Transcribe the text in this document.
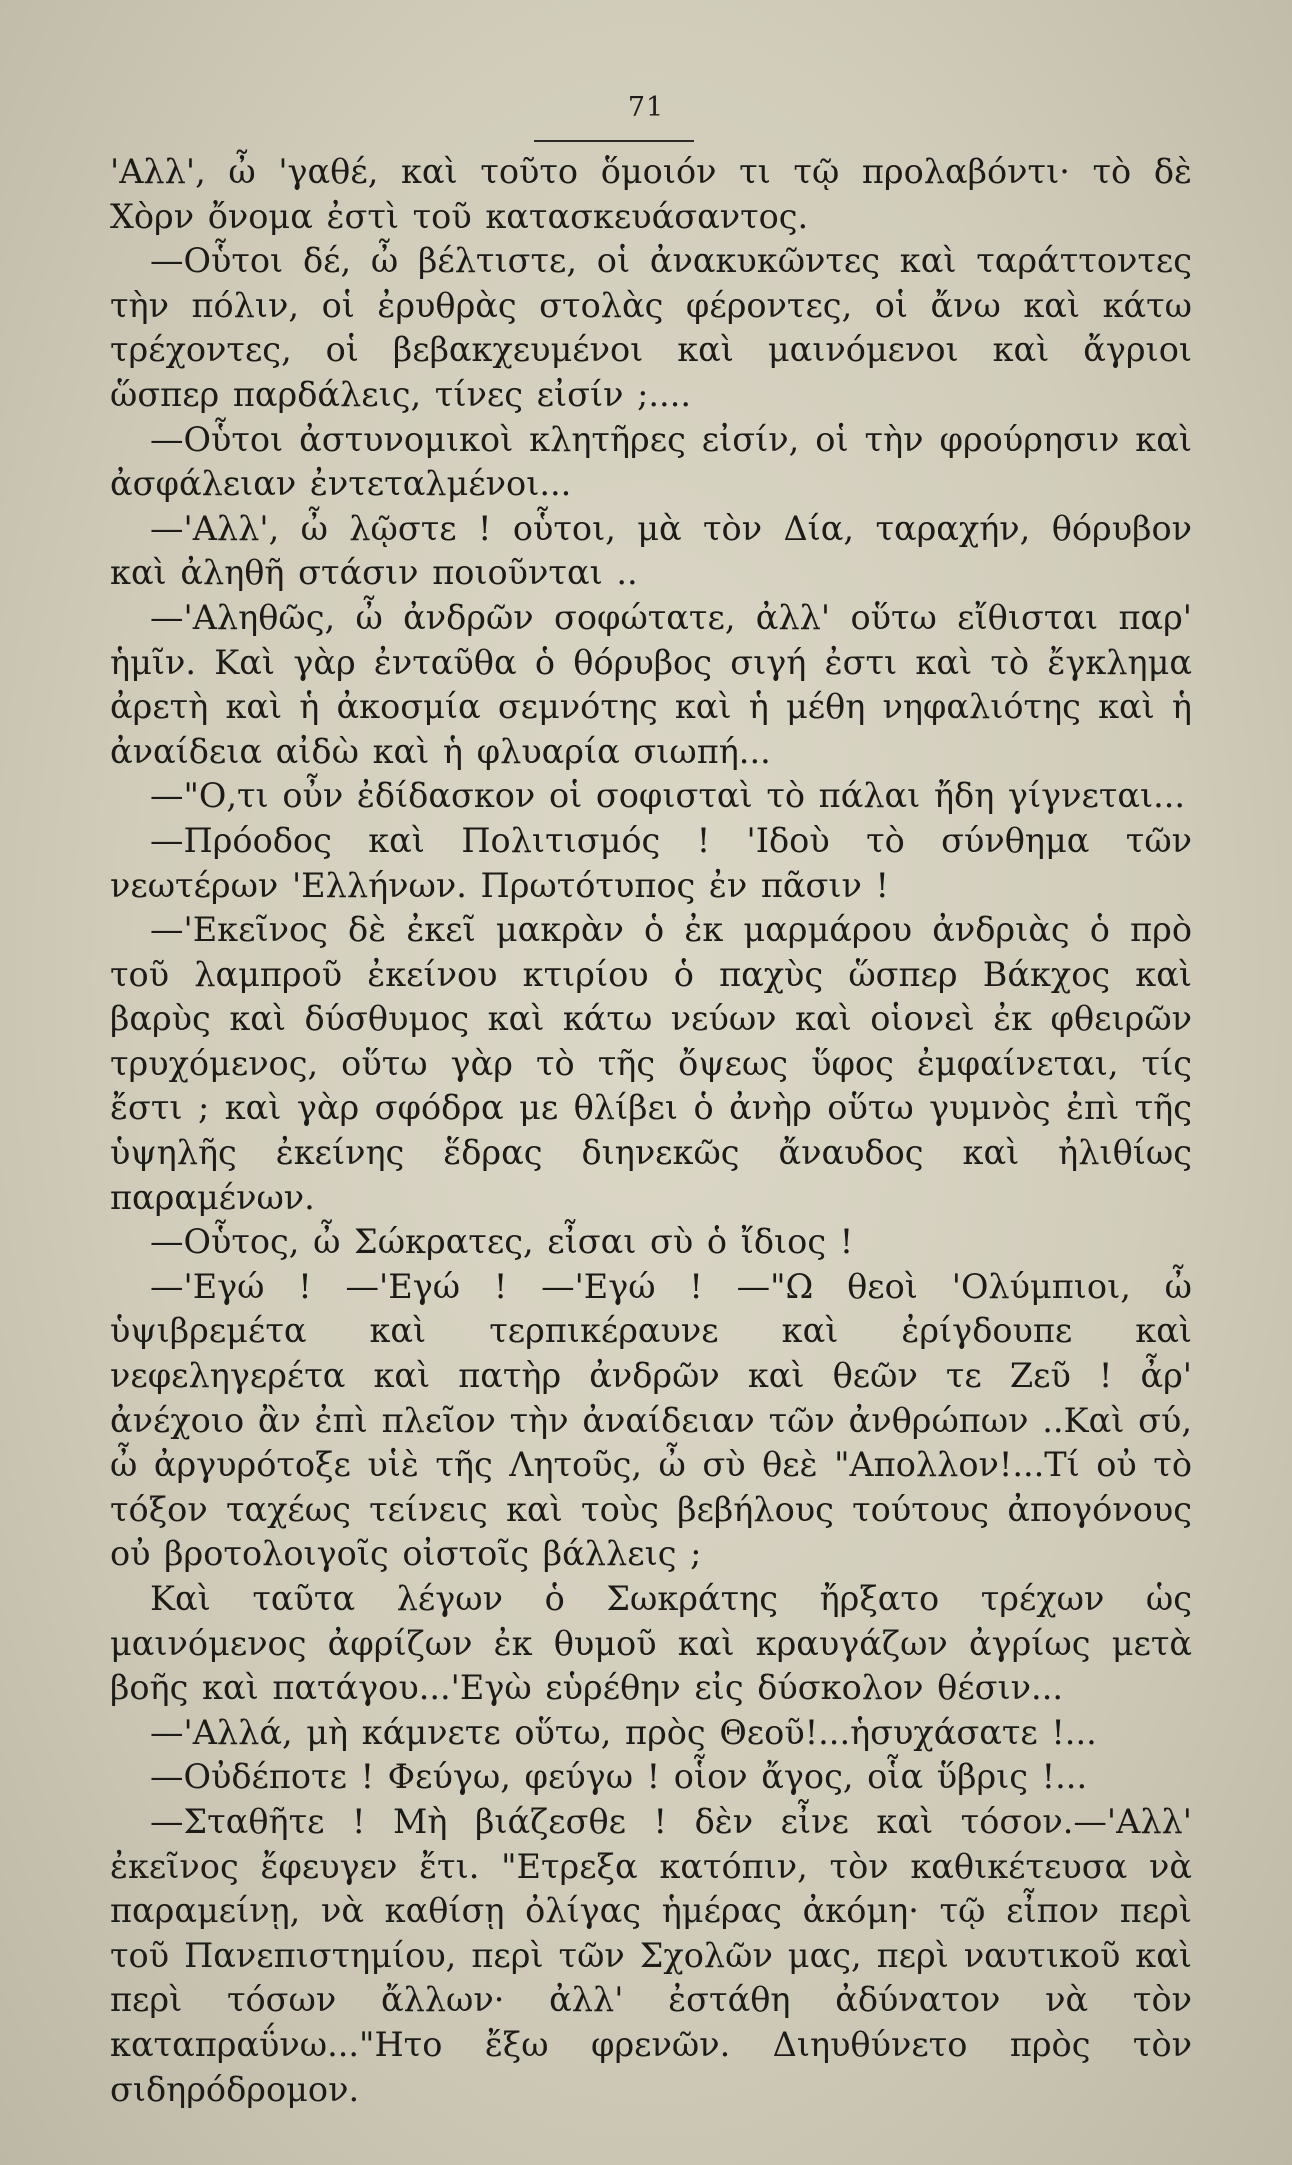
71

'Αλλ', ὦ 'γαθέ, καὶ τοῦτο ὅμοιόν τι τῷ προλαβόντι· τὸ δὲ Χὸρν ὄνομα ἐστὶ τοῦ κατασκευάσαντος.

—Οὗτοι δέ, ὦ βέλτιστε, οἱ ἀνακυκῶντες καὶ ταράττοντες τὴν πόλιν, οἱ ἐρυθρὰς στολὰς φέροντες, οἱ ἄνω καὶ κάτω τρέχοντες, οἱ βεβακχευμένοι καὶ μαινόμενοι καὶ ἄγριοι ὥσπερ παρδάλεις, τίνες εἰσίν ;....

—Οὗτοι ἀστυνομικοὶ κλητῆρες εἰσίν, οἱ τὴν φρούρησιν καὶ ἀσφάλειαν ἐντεταλμένοι...

—'Αλλ', ὦ λῷστε ! οὗτοι, μὰ τὸν Δία, ταραχήν, θόρυβον καὶ ἀληθῆ στάσιν ποιοῦνται ..

—'Αληθῶς, ὦ ἀνδρῶν σοφώτατε, ἀλλ' οὕτω εἴθισται παρ' ἡμῖν. Καὶ γὰρ ἐνταῦθα ὁ θόρυβος σιγή ἐστι καὶ τὸ ἔγκλημα ἀρετὴ καὶ ἡ ἀκοσμία σεμνότης καὶ ἡ μέθη νηφαλιότης καὶ ἡ ἀναίδεια αἰδὼ καὶ ἡ φλυαρία σιωπή...

—"Ο,τι οὖν ἐδίδασκον οἱ σοφισταὶ τὸ πάλαι ἤδη γίγνεται...

—Πρόοδος καὶ Πολιτισμός ! 'Ιδοὺ τὸ σύνθημα τῶν νεωτέρων 'Ελλήνων. Πρωτότυπος ἐν πᾶσιν !

—'Εκεῖνος δὲ ἐκεῖ μακρὰν ὁ ἐκ μαρμάρου ἀνδριὰς ὁ πρὸ τοῦ λαμπροῦ ἐκείνου κτιρίου ὁ παχὺς ὥσπερ Βάκχος καὶ βαρὺς καὶ δύσθυμος καὶ κάτω νεύων καὶ οἱονεὶ ἐκ φθειρῶν τρυχόμενος, οὕτω γὰρ τὸ τῆς ὄψεως ὕφος ἐμφαίνεται, τίς ἔστι ; καὶ γὰρ σφόδρα με θλίβει ὁ ἀνὴρ οὕτω γυμνὸς ἐπὶ τῆς ὑψηλῆς ἐκείνης ἕδρας διηνεκῶς ἄναυδος καὶ ἠλιθίως παραμένων.

—Οὗτος, ὦ Σώκρατες, εἶσαι σὺ ὁ ἴδιος !

—'Εγώ ! —'Εγώ ! —'Εγώ ! —"Ω θεοὶ 'Ολύμπιοι, ὦ ὑψιβρεμέτα καὶ τερπικέραυνε καὶ ἐρίγδουπε καὶ νεφεληγερέτα καὶ πατὴρ ἀνδρῶν καὶ θεῶν τε Ζεῦ ! ἆρ' ἀνέχοιο ἂν ἐπὶ πλεῖον τὴν ἀναίδειαν τῶν ἀνθρώπων ..Καὶ σύ, ὦ ἀργυρότοξε υἱὲ τῆς Λητοῦς, ὦ σὺ θεὲ "Απολλον!...Τί οὐ τὸ τόξον ταχέως τείνεις καὶ τοὺς βεβήλους τούτους ἀπογόνους οὐ βροτολοιγοῖς οἰστοῖς βάλλεις ;

Καὶ ταῦτα λέγων ὁ Σωκράτης ἤρξατο τρέχων ὡς μαινόμενος ἀφρίζων ἐκ θυμοῦ καὶ κραυγάζων ἀγρίως μετὰ βοῆς καὶ πατάγου...'Εγὼ εὑρέθην εἰς δύσκολον θέσιν...

—'Αλλά, μὴ κάμνετε οὕτω, πρὸς Θεοῦ!...ἡσυχάσατε !...

—Οὐδέποτε ! Φεύγω, φεύγω ! οἷον ἄγος, οἷα ὕβρις !...

—Σταθῆτε ! Μὴ βιάζεσθε ! δὲν εἶνε καὶ τόσον.—'Αλλ' ἐκεῖνος ἔφευγεν ἔτι. "Ετρεξα κατόπιν, τὸν καθικέτευσα νὰ παραμείνῃ, νὰ καθίσῃ ὀλίγας ἡμέρας ἀκόμη· τῷ εἶπον περὶ τοῦ Πανεπιστημίου, περὶ τῶν Σχολῶν μας, περὶ ναυτικοῦ καὶ περὶ τόσων ἄλλων· ἀλλ' ἐστάθη ἀδύνατον νὰ τὸν καταπραΰνω..."Ητο ἔξω φρενῶν. Διηυθύνετο πρὸς τὸν σιδηρόδρομον.
